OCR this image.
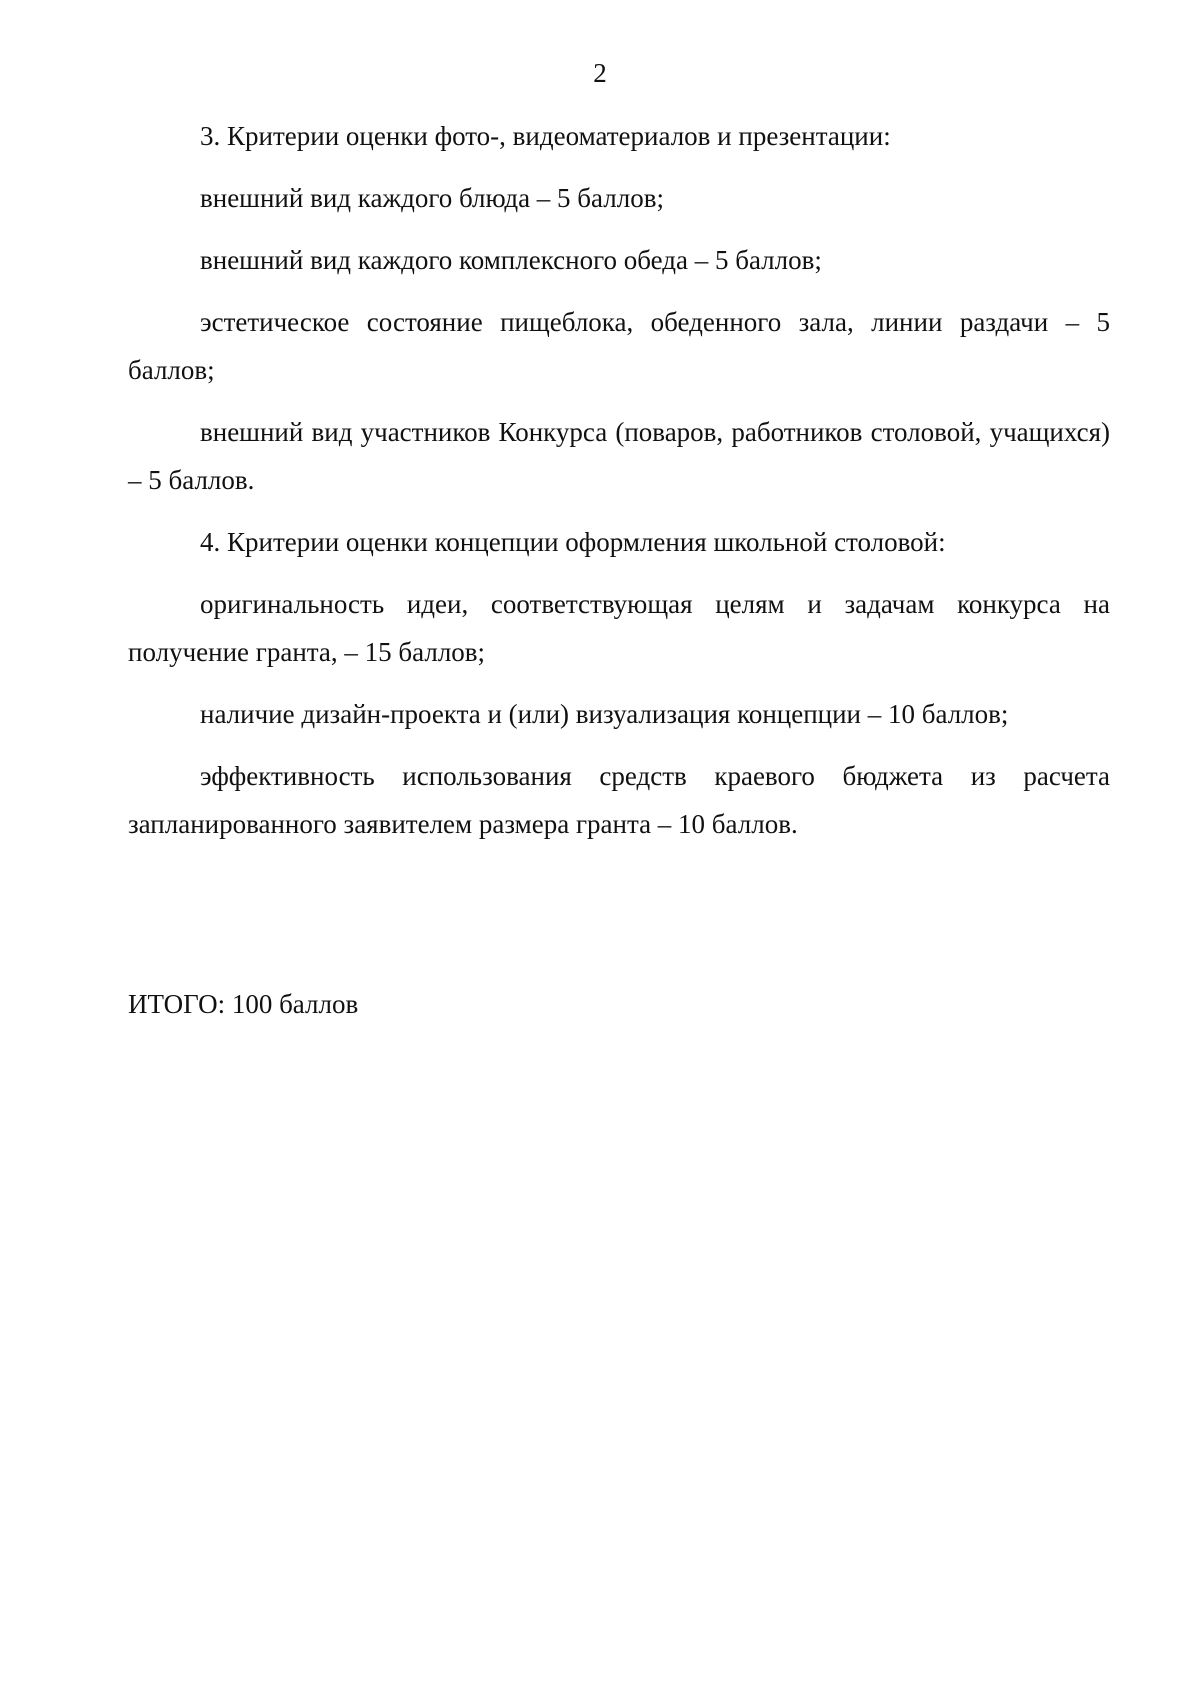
2

3. Критерии оценки фото-, видеоматериалов и презентации:

внешний вид каждого блюда – 5 баллов;

внешний вид каждого комплексного обеда – 5 баллов;

эстетическое состояние пищеблока, обеденного зала, линии раздачи – 5 баллов;

внешний вид участников Конкурса (поваров, работников столовой, учащихся) – 5 баллов.

4. Критерии оценки концепции оформления школьной столовой:

оригинальность идеи, соответствующая целям и задачам конкурса на получение гранта, – 15 баллов;

наличие дизайн-проекта и (или) визуализация концепции – 10 баллов;

эффективность использования средств краевого бюджета из расчета запланированного заявителем размера гранта – 10 баллов.

ИТОГО: 100 баллов
